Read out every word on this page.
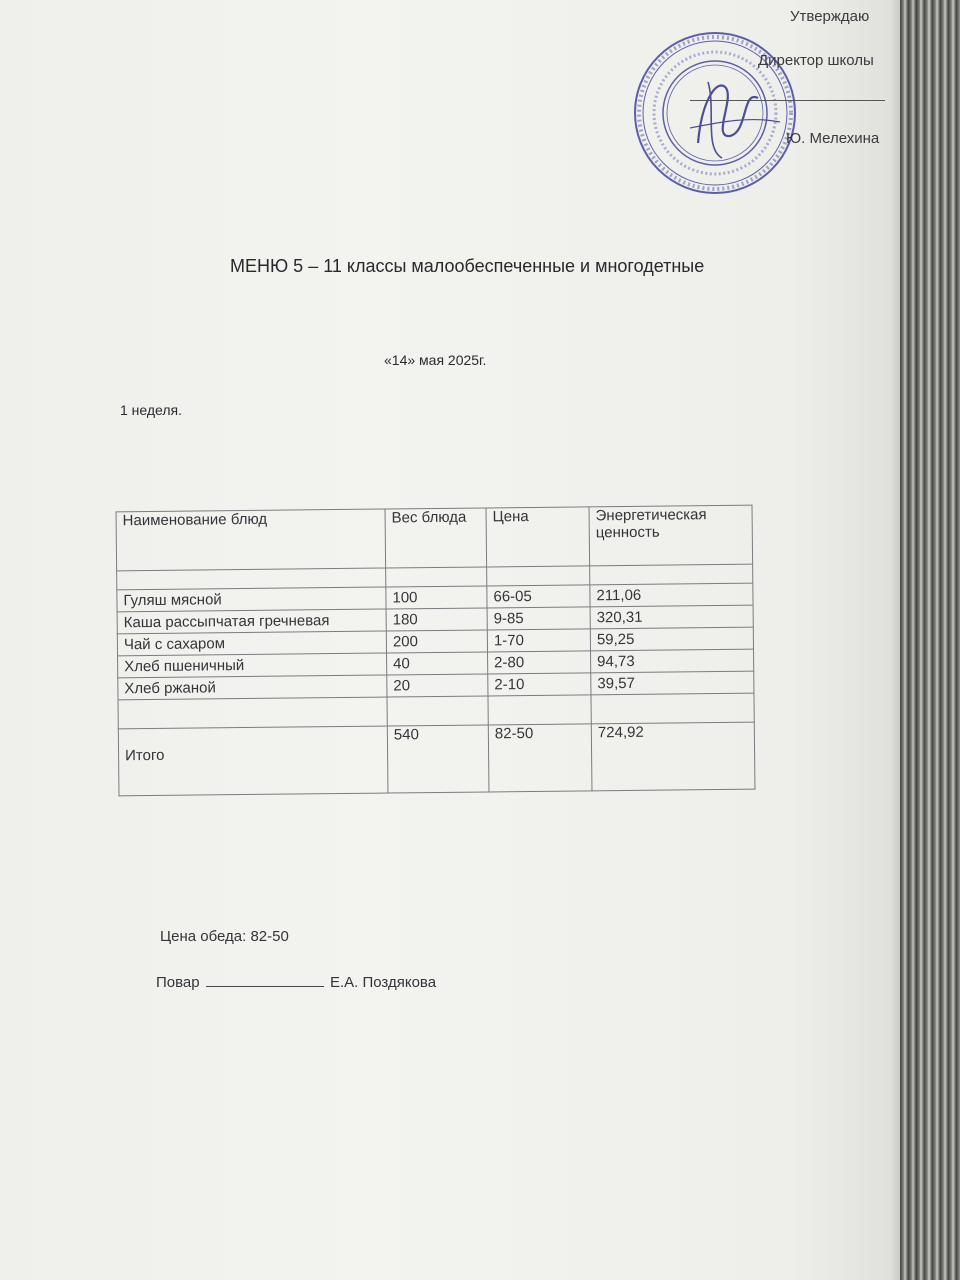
Утверждаю
Директор школы
Ю. Мелехина
МЕНЮ 5 – 11 классы малообеспеченные и многодетные
«14» мая 2025г.
1 неделя.
Наименование блюд	Вес блюда	Цена	Энергетическая ценность

Гуляш мясной	100	66-05	211,06
Каша рассыпчатая гречневая	180	9-85	320,31
Чай с сахаром	200	1-70	59,25
Хлеб пшеничный	40	2-80	94,73
Хлеб ржаной	20	2-10	39,57

Итого	540	82-50	724,92
Цена обеда: 82-50
Повар	Е.А. Поздякова
